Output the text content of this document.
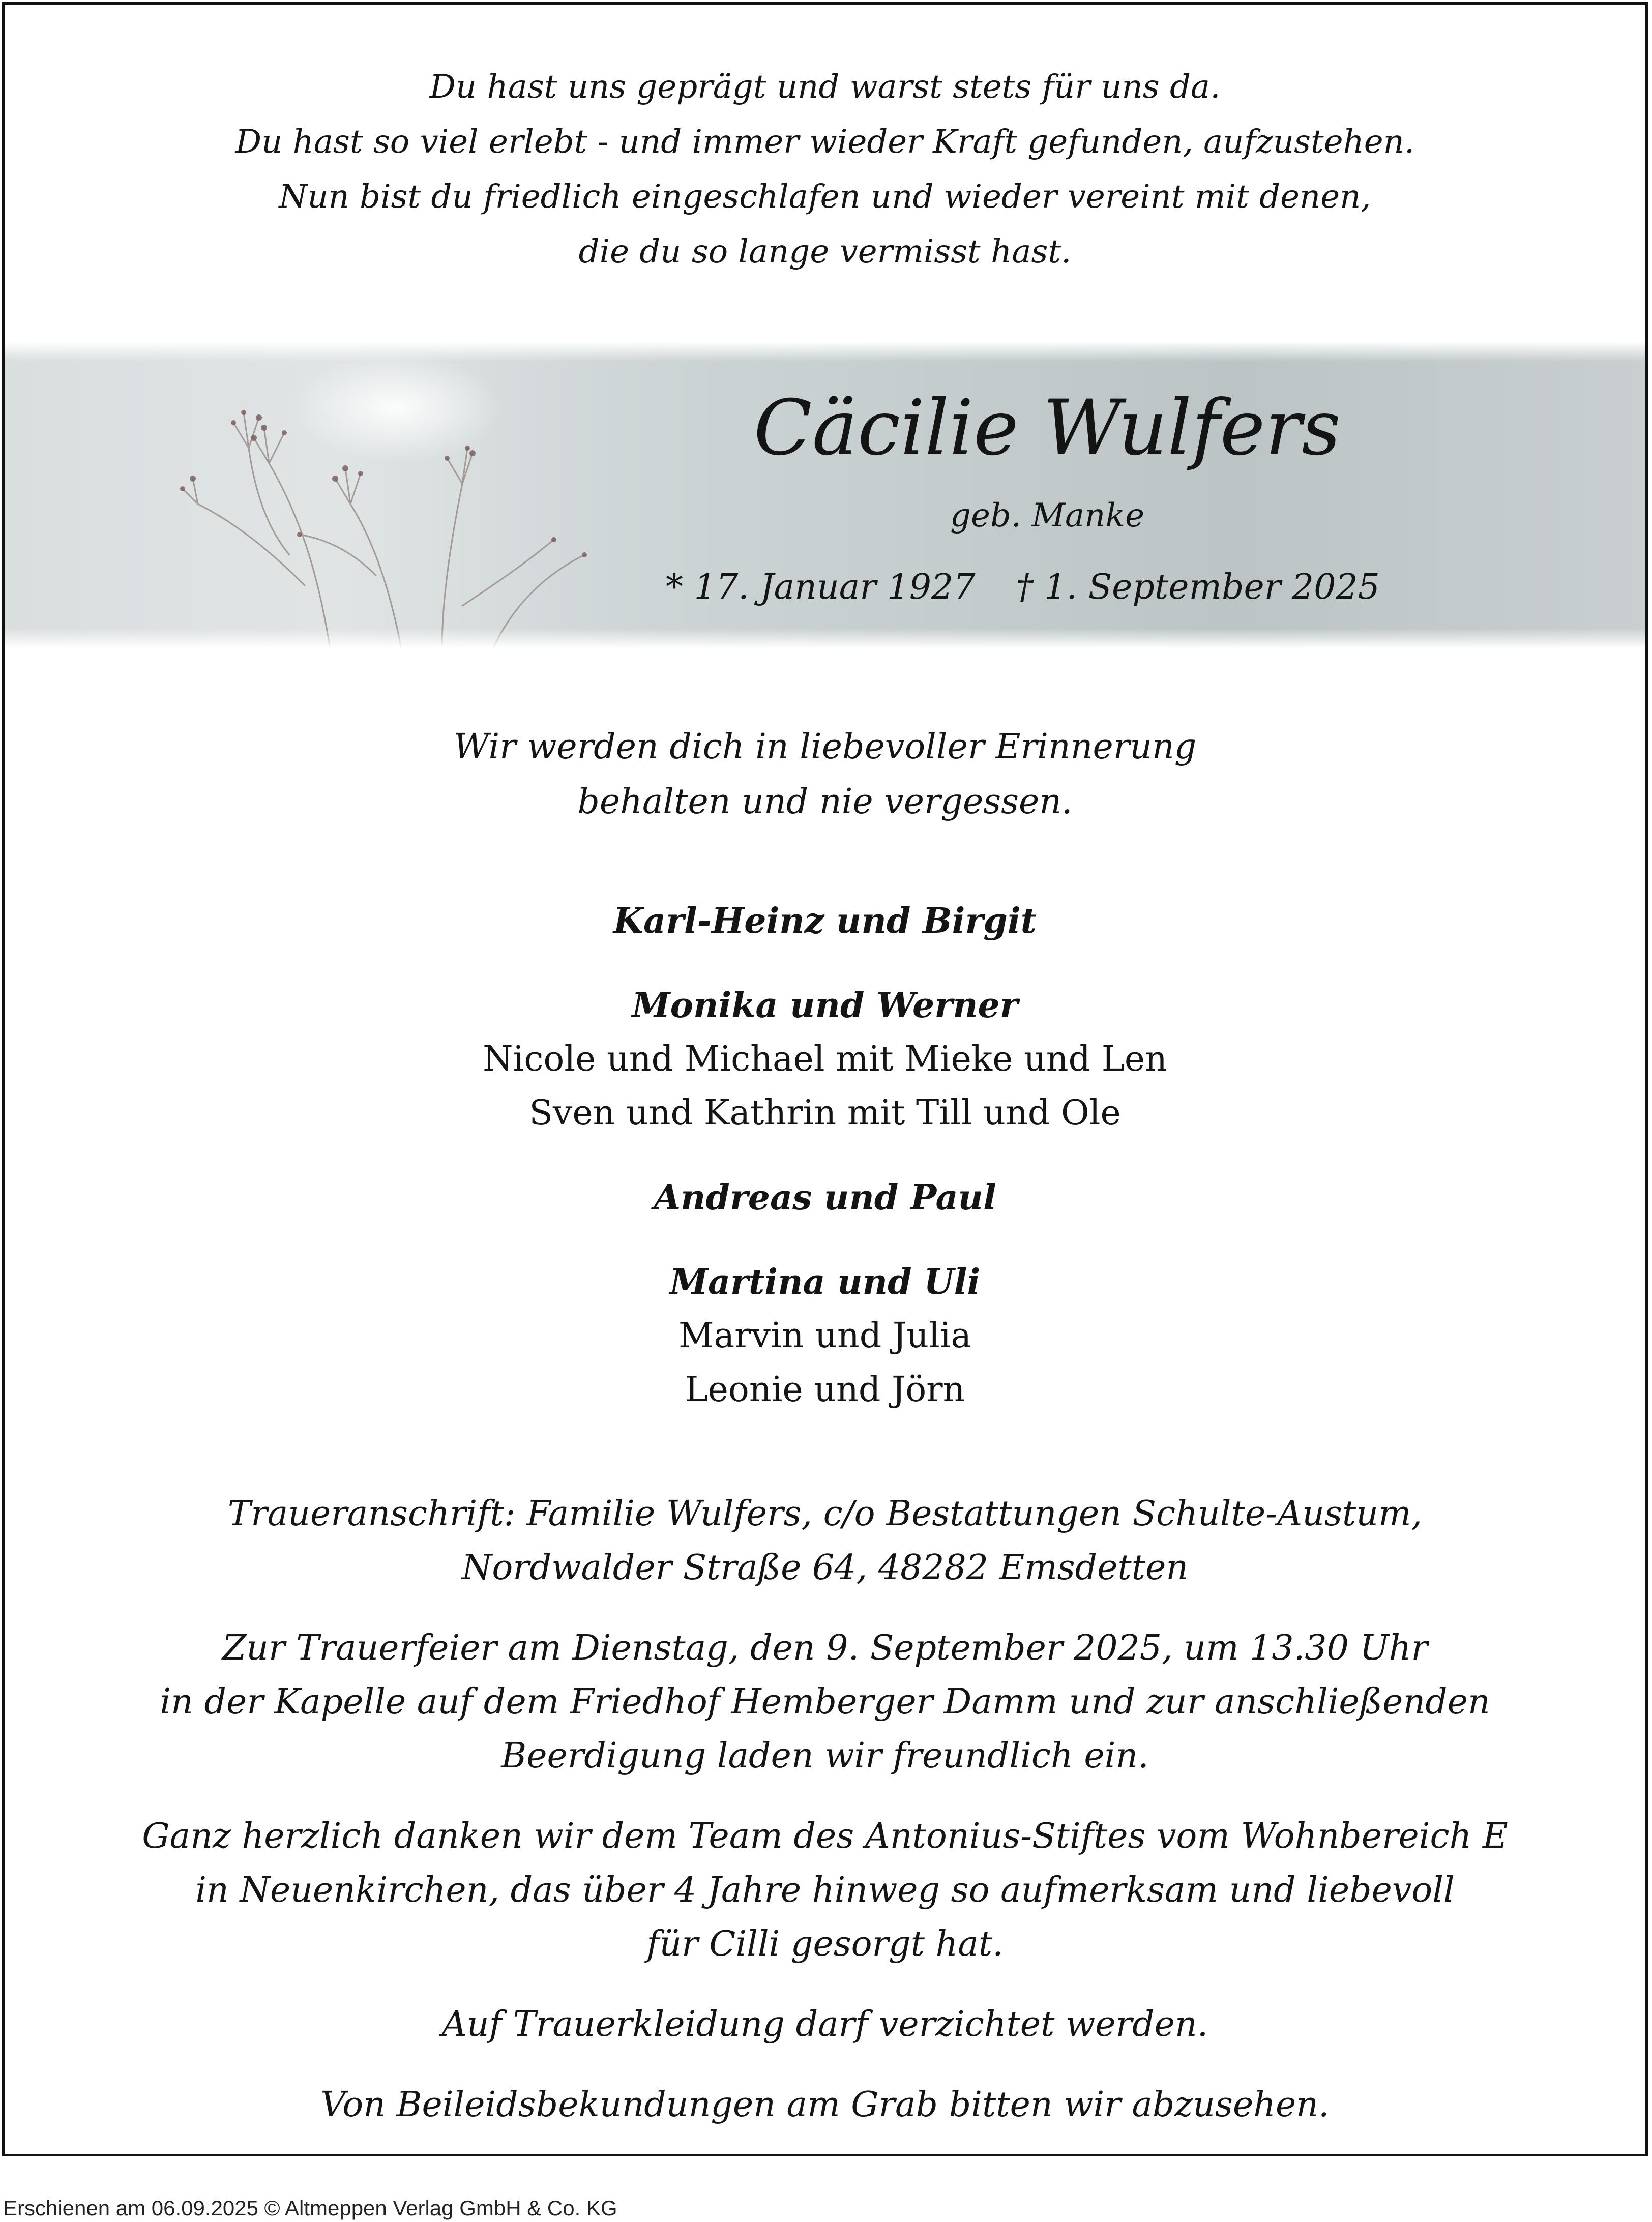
Du hast uns geprägt und warst stets für uns da.
Du hast so viel erlebt - und immer wieder Kraft gefunden, aufzustehen.
Nun bist du friedlich eingeschlafen und wieder vereint mit denen,
die du so lange vermisst hast.
Cäcilie Wulfers
geb. Manke
* 17. Januar 1927 † 1. September 2025
Wir werden dich in liebevoller Erinnerung
behalten und nie vergessen.
Karl-Heinz und Birgit
Monika und Werner
Nicole und Michael mit Mieke und Len
Sven und Kathrin mit Till und Ole
Andreas und Paul
Martina und Uli
Marvin und Julia
Leonie und Jörn
Traueranschrift: Familie Wulfers, c/o Bestattungen Schulte-Austum,
Nordwalder Straße 64, 48282 Emsdetten
Zur Trauerfeier am Dienstag, den 9. September 2025, um 13.30 Uhr
in der Kapelle auf dem Friedhof Hemberger Damm und zur anschließenden
Beerdigung laden wir freundlich ein.
Ganz herzlich danken wir dem Team des Antonius-Stiftes vom Wohnbereich E
in Neuenkirchen, das über 4 Jahre hinweg so aufmerksam und liebevoll
für Cilli gesorgt hat.
Auf Trauerkleidung darf verzichtet werden.
Von Beileidsbekundungen am Grab bitten wir abzusehen.
Erschienen am 06.09.2025 © Altmeppen Verlag GmbH & Co. KG
